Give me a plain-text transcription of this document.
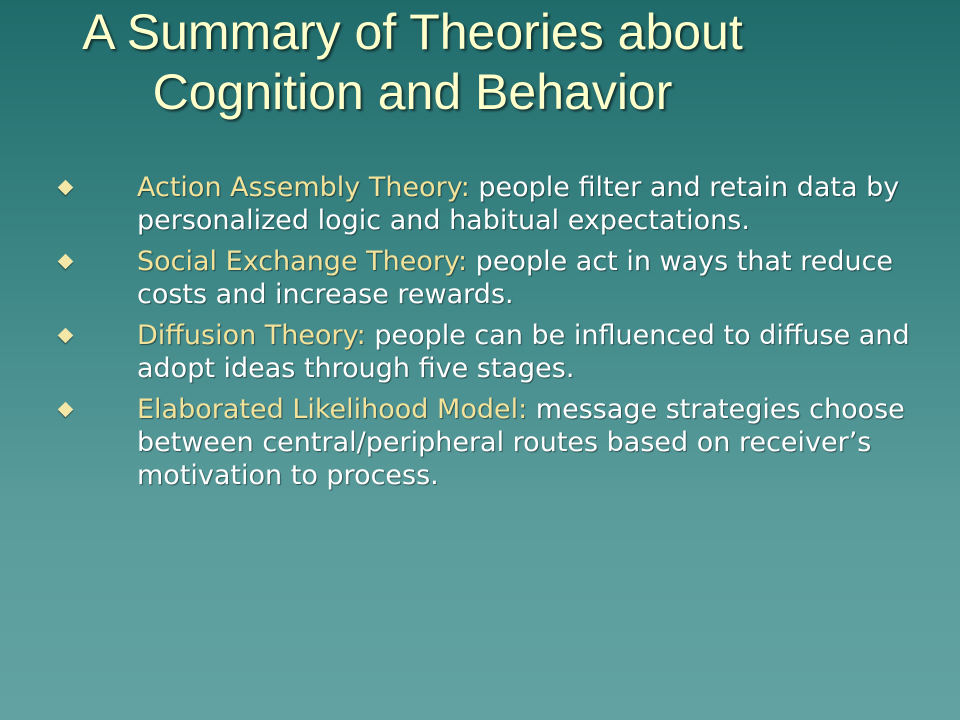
A Summary of Theories about Cognition and Behavior
Action Assembly Theory: people filter and retain data by personalized logic and habitual expectations.
Social Exchange Theory: people act in ways that reduce costs and increase rewards.
Diffusion Theory: people can be influenced to diffuse and adopt ideas through five stages.
Elaborated Likelihood Model: message strategies choose between central/peripheral routes based on receiver’s motivation to process.
